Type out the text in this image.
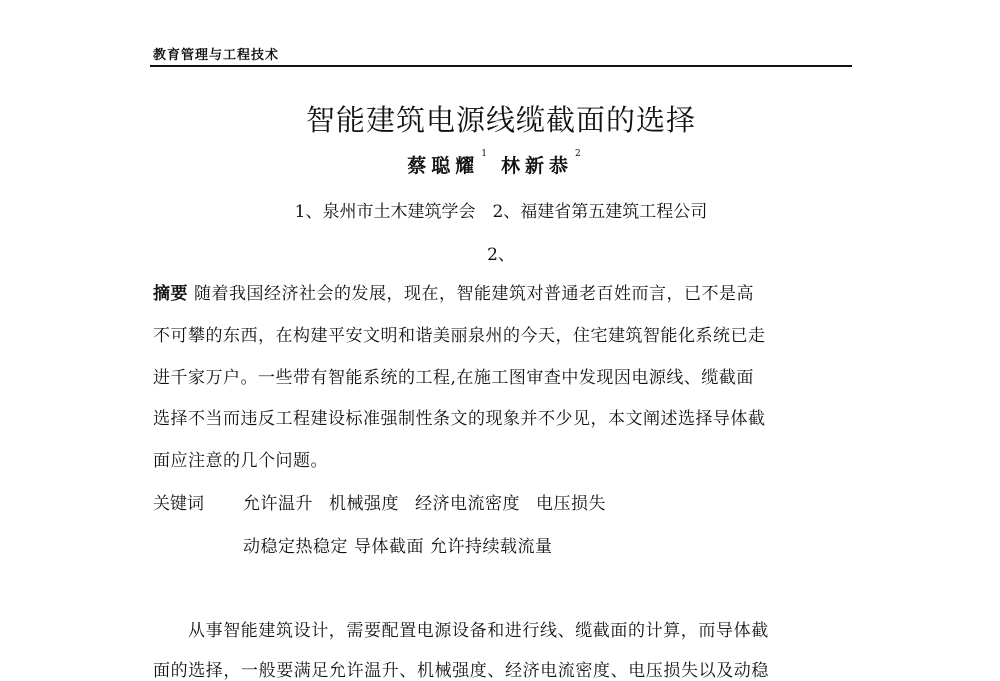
教育管理与工程技术
智能建筑电源线缆截面的选择
蔡聪耀$^1$林新恭$^2$
1、泉州市土木建筑学会　2、福建省第五建筑工程公司
2、
摘要 随着我国经济社会的发展，现在，智能建筑对普通老百姓而言，已不是高
不可攀的东西，在构建平安文明和谐美丽泉州的今天，住宅建筑智能化系统已走
进千家万户。一些带有智能系统的工程,在施工图审查中发现因电源线、缆截面
选择不当而违反工程建设标准强制性条文的现象并不少见，本文阐述选择导体截
面应注意的几个问题。
关键词 允许温升 机械强度 经济电流密度 电压损失
动稳定热稳定 导体截面 允许持续载流量
从事智能建筑设计，需要配置电源设备和进行线、缆截面的计算，而导体截
面的选择，一般要满足允许温升、机械强度、经济电流密度、电压损失以及动稳
